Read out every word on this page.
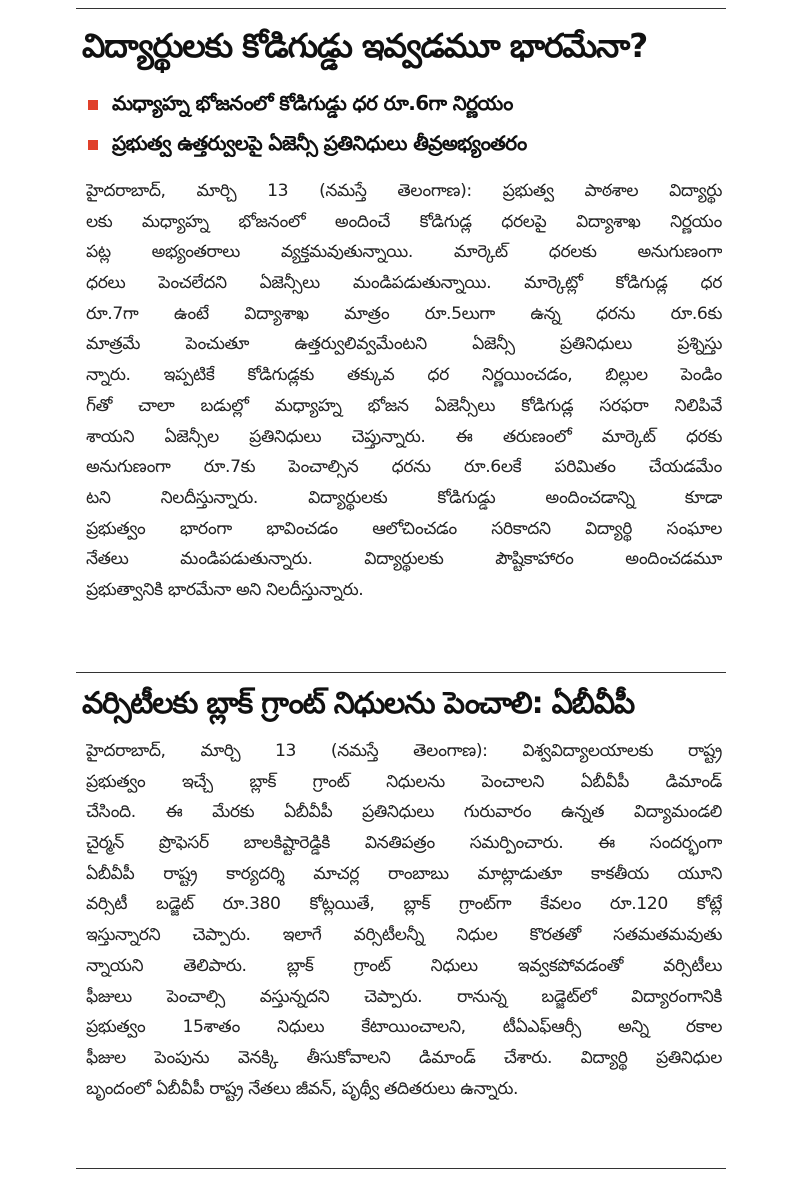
విద్యార్థులకు కోడిగుడ్డు ఇవ్వడమూ భారమేనా?
మధ్యాహ్న భోజనంలో కోడిగుడ్డు ధర రూ.6గా నిర్ణయం
ప్రభుత్వ ఉత్తర్వులపై ఏజెన్సీ ప్రతినిధులు తీవ్రఅభ్యంతరం
హైదరాబాద్, మార్చి 13 (నమస్తే తెలంగాణ): ప్రభుత్వ పాఠశాల విద్యార్థు
లకు మధ్యాహ్న భోజనంలో అందించే కోడిగుడ్ల ధరలపై విద్యాశాఖ నిర్ణయం
పట్ల అభ్యంతరాలు వ్యక్తమవుతున్నాయి. మార్కెట్ ధరలకు అనుగుణంగా
ధరలు పెంచలేదని ఏజెన్సీలు మండిపడుతున్నాయి. మార్కెట్లో కోడిగుడ్ల ధర
రూ.7గా ఉంటే విద్యాశాఖ మాత్రం రూ.5లుగా ఉన్న ధరను రూ.6కు
మాత్రమే పెంచుతూ ఉత్తర్వులివ్వమేంటని ఏజెన్సీ ప్రతినిధులు ప్రశ్నిస్తు
న్నారు. ఇప్పటికే కోడిగుడ్లకు తక్కువ ధర నిర్ణయించడం, బిల్లుల పెండిం
గ్‌తో చాలా బడుల్లో మధ్యాహ్న భోజన ఏజెన్సీలు కోడిగుడ్ల సరఫరా నిలిపివే
శాయని ఏజెన్సీల ప్రతినిధులు చెప్తున్నారు. ఈ తరుణంలో మార్కెట్ ధరకు
అనుగుణంగా రూ.7కు పెంచాల్సిన ధరను రూ.6లకే పరిమితం చేయడమేం
టని నిలదీస్తున్నారు. విద్యార్థులకు కోడిగుడ్డు అందించడాన్ని కూడా
ప్రభుత్వం భారంగా భావించడం ఆలోచించడం సరికాదని విద్యార్థి సంఘాల
నేతలు మండిపడుతున్నారు. విద్యార్థులకు పౌష్టికాహారం అందించడమూ
ప్రభుత్వానికి భారమేనా అని నిలదీస్తున్నారు.
వర్సిటీలకు బ్లాక్ గ్రాంట్ నిధులను పెంచాలి: ఏబీవీపీ
హైదరాబాద్, మార్చి 13 (నమస్తే తెలంగాణ): విశ్వవిద్యాలయాలకు రాష్ట్ర
ప్రభుత్వం ఇచ్చే బ్లాక్ గ్రాంట్ నిధులను పెంచాలని ఏబీవీపీ డిమాండ్
చేసింది. ఈ మేరకు ఏబీవీపీ ప్రతినిధులు గురువారం ఉన్నత విద్యామండలి
చైర్మన్ ప్రొఫెసర్ బాలకిష్టారెడ్డికి వినతిపత్రం సమర్పించారు. ఈ సందర్భంగా
ఏబీవీపీ రాష్ట్ర కార్యదర్శి మాచర్ల రాంబాబు మాట్లాడుతూ కాకతీయ యూని
వర్సిటీ బడ్జెట్ రూ.380 కోట్లయితే, బ్లాక్ గ్రాంట్‌గా కేవలం రూ.120 కోట్లే
ఇస్తున్నారని చెప్పారు. ఇలాగే వర్సిటీలన్నీ నిధుల కొరతతో సతమతమవుతు
న్నాయని తెలిపారు. బ్లాక్ గ్రాంట్ నిధులు ఇవ్వకపోవడంతో వర్సిటీలు
ఫీజులు పెంచాల్సి వస్తున్నదని చెప్పారు. రానున్న బడ్జెట్‌లో విద్యారంగానికి
ప్రభుత్వం 15శాతం నిధులు కేటాయించాలని, టీఏఎఫ్ఆర్సీ అన్ని రకాల
ఫీజుల పెంపును వెనక్కి తీసుకోవాలని డిమాండ్ చేశారు. విద్యార్థి ప్రతినిధుల
బృందంలో ఏబీవీపీ రాష్ట్ర నేతలు జీవన్, పృథ్వీ తదితరులు ఉన్నారు.
